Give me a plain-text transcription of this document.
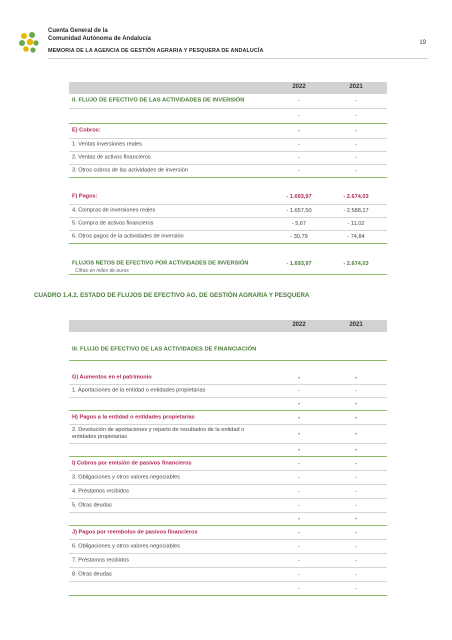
Cuenta General de la
Comunidad Autónoma de Andalucía
MEMORIA DE LA AGENCIA DE GESTIÓN AGRARIA Y PESQUERA DE ANDALUCÍA
19
2022	2021
II. FLUJO DE EFECTIVO DE LAS ACTIVIDADES DE INVERSIÓN	-	-
-	-
E) Cobros:	-	-
1. Ventas inversiones reales	-	-
2. Ventas de activos financieros	-	-
3. Otros cobros de las actividades de inversión	-	-
F) Pagos:	- 1.693,97	- 2.674,03
4. Compras de inversiones reales	- 1.657,50	- 2.588,17
5. Compra de activos financieros	- 5,67	- 11,02
6. Otros pagos de la actividades de inversión	- 30,79	- 74,84
FLUJOS NETOS DE EFECTIVO POR ACTIVIDADES DE INVERSIÓN	- 1.693,97	- 2.674,03
Cifras en miles de euros
CUADRO 1.4.2. ESTADO DE FLUJOS DE EFECTIVO AG. DE GESTIÓN AGRARIA Y PESQUERA
2022	2021
III. FLUJO DE EFECTIVO DE LAS ACTIVIDADES DE FINANCIACIÓN
G) Aumentos en el patrimonio	-	-
1. Aportaciones de la entidad o entidades propietarias	-	-
-	-
H) Pagos a la entidad o entidades propietarias	-	-
2. Devolución de aportaciones y reparto de resultados de la entidad o entidades propietarias	-	-
-	-
I) Cobros por emisión de pasivos financieros	-	-
3. Obligaciones y otros valores negociables	-	-
4. Préstamos recibidos	-	-
5. Otras deudas	-	-
-	-
J) Pagos por reembolso de pasivos financieros	-	-
6. Obligaciones y otros valores negociables	-	-
7. Préstamos recibidos	-	-
8. Otras deudas	-	-
-	-
